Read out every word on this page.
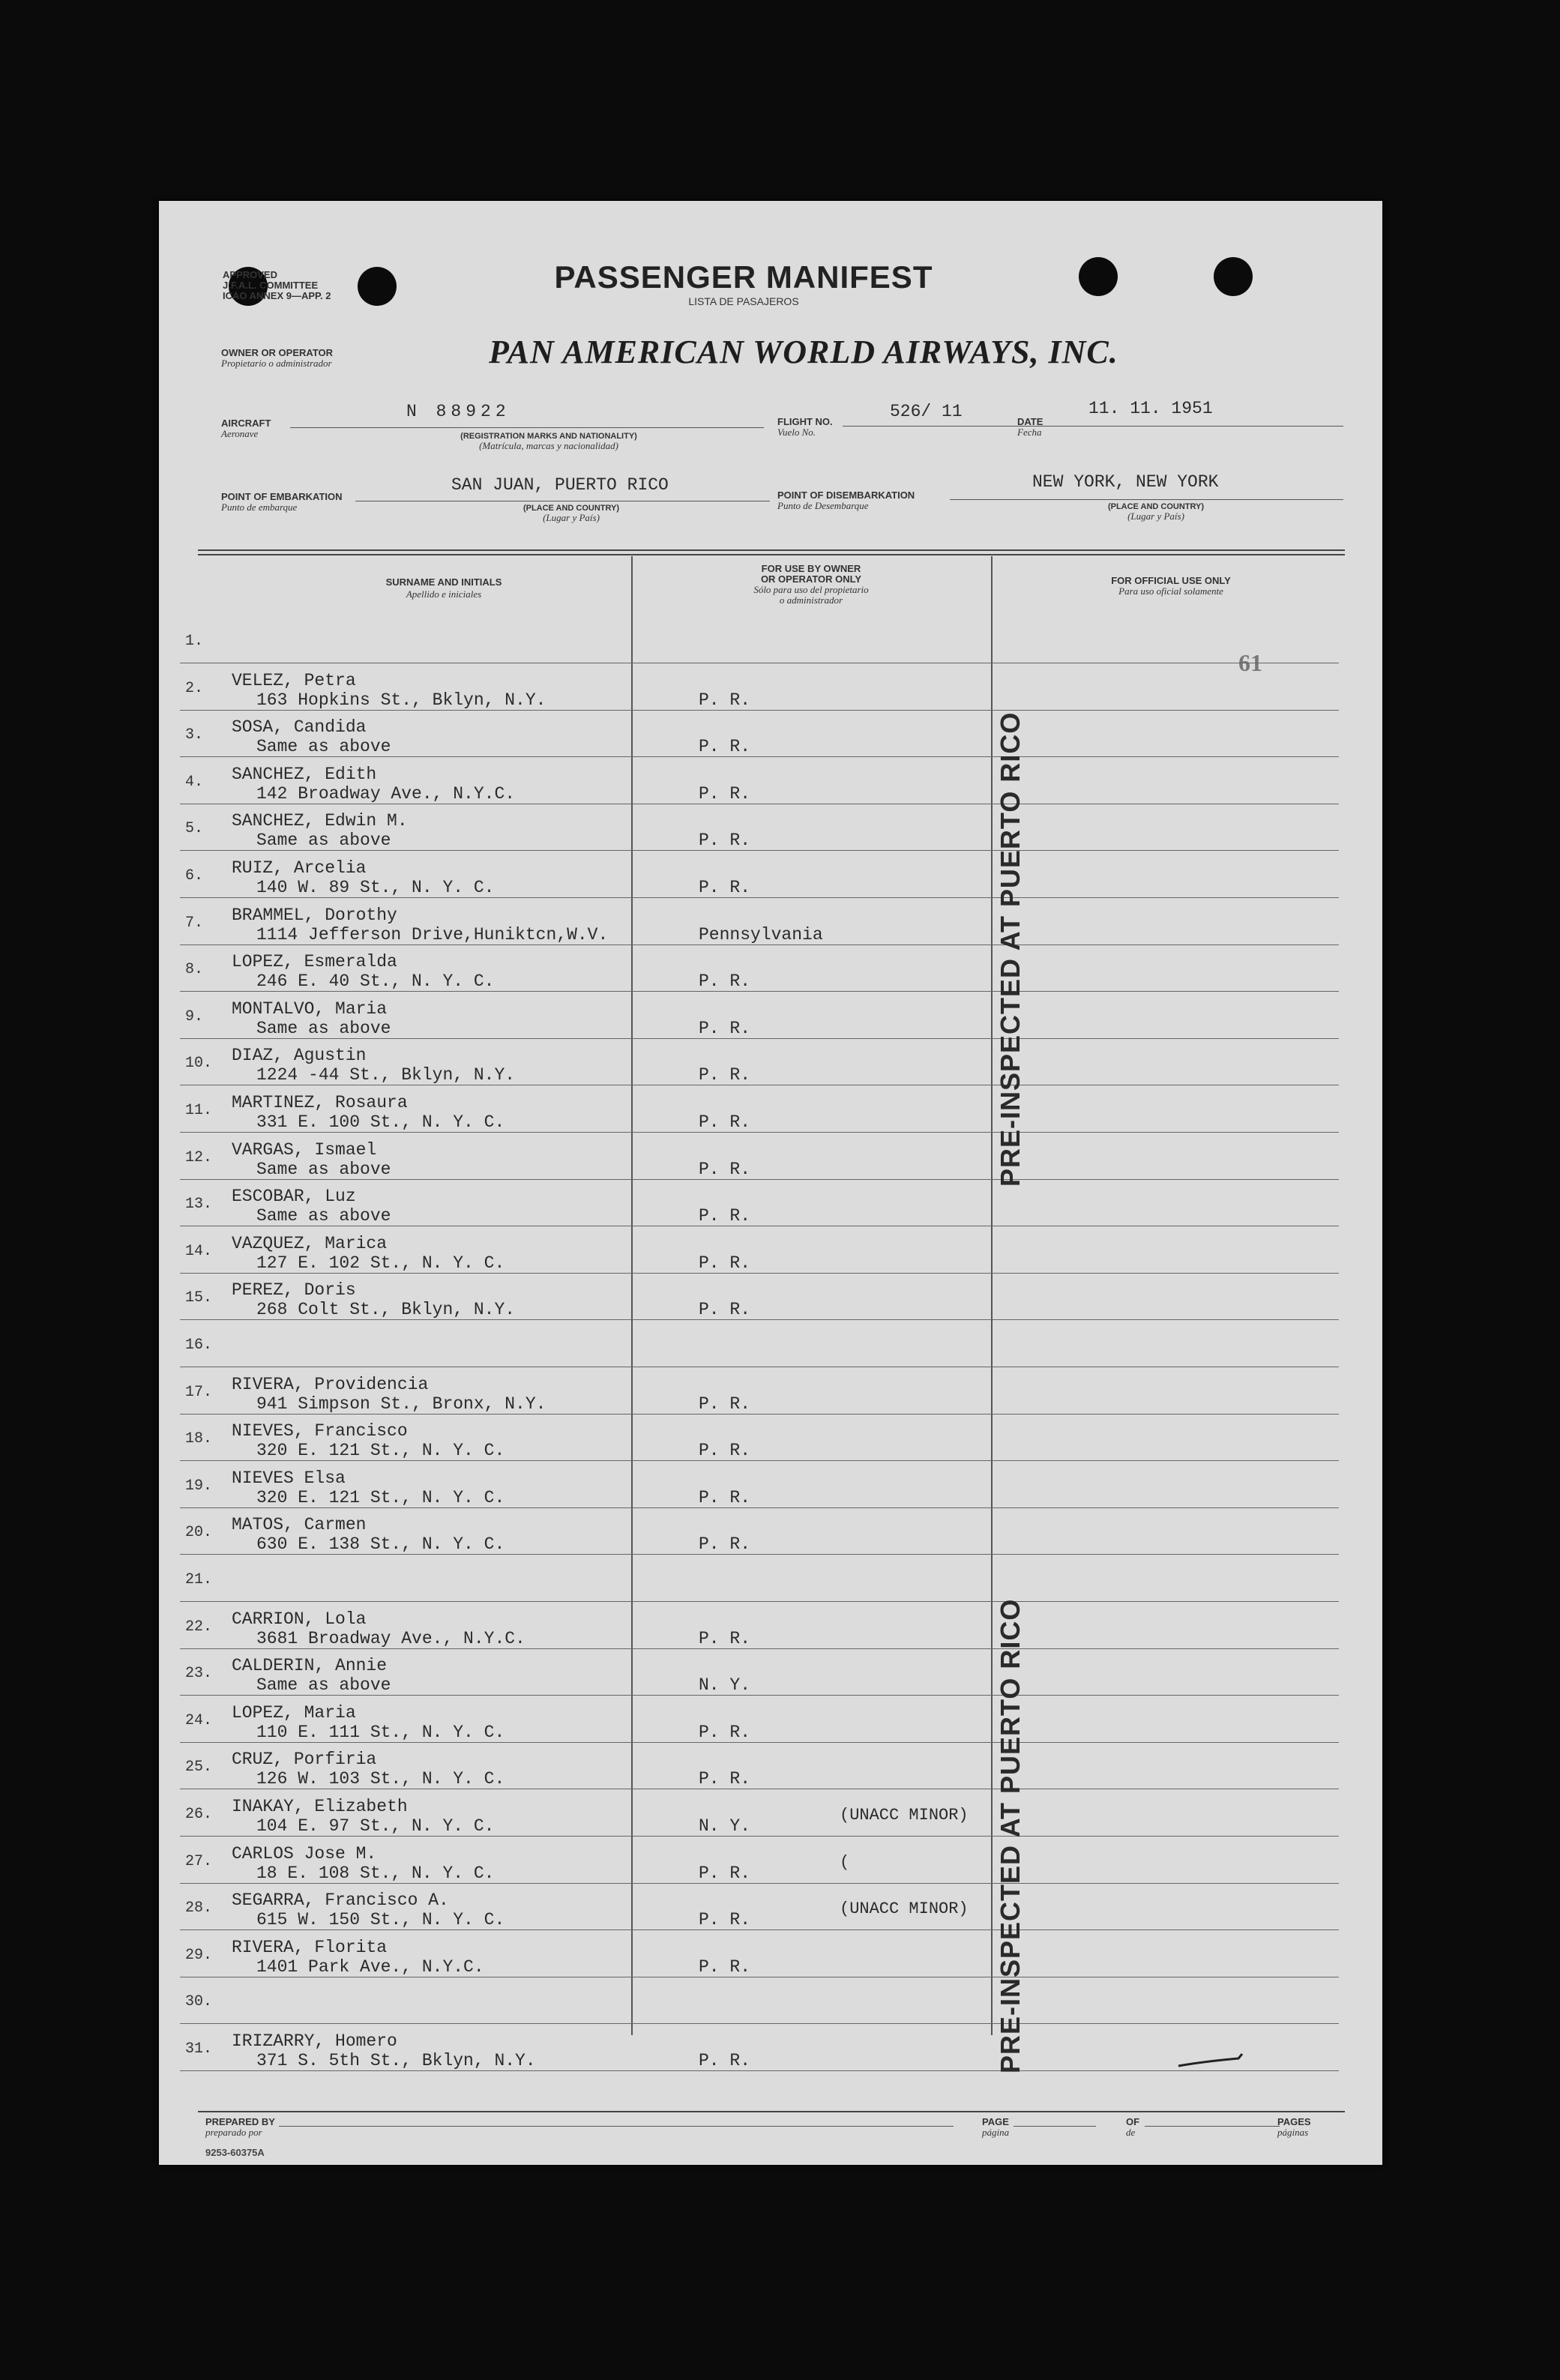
APPROVED
J.F.A.L. COMMITTEE
ICAO ANNEX 9—APP. 2
PASSENGER MANIFEST
LISTA DE PASAJEROS
OWNER OR OPERATOR
Propietario o administrador	PAN AMERICAN WORLD AIRWAYS, INC.
AIRCRAFT
Aeronave
N 88922
(REGISTRATION MARKS AND NATIONALITY)
(Matrícula, marcas y nacionalidad)
FLIGHT NO.
Vuelo No.
526/ 11
DATE
Fecha
11. 11. 1951
POINT OF EMBARKATION
Punto de embarque
SAN JUAN, PUERTO RICO
(PLACE AND COUNTRY)
(Lugar y País)
POINT OF DISEMBARKATION
Punto de Desembarque
NEW YORK, NEW YORK
(PLACE AND COUNTRY)
(Lugar y País)
SURNAME AND INITIALS
Apellido e iniciales
FOR USE BY OWNER
OR OPERATOR ONLY
Sólo para uso del propietario
o administrador
FOR OFFICIAL USE ONLY
Para uso oficial solamente
61
1.
2. VELEZ, Petra
163 Hopkins St., Bklyn, N.Y.	P. R.
3. SOSA, Candida
Same as above	P. R.
4. SANCHEZ, Edith
142 Broadway Ave., N.Y.C.	P. R.
5. SANCHEZ, Edwin M.
Same as above	P. R.
6. RUIZ, Arcelia
140 W. 89 St., N. Y. C.	P. R.
7. BRAMMEL, Dorothy
1114 Jefferson Drive,Huniktcn,W.V.	Pennsylvania
8. LOPEZ, Esmeralda
246 E. 40 St., N. Y. C.	P. R.
9. MONTALVO, Maria
Same as above	P. R.
10. DIAZ, Agustin
1224 -44 St., Bklyn, N.Y.	P. R.
11. MARTINEZ, Rosaura
331 E. 100 St., N. Y. C.	P. R.
12. VARGAS, Ismael
Same as above	P. R.
13. ESCOBAR, Luz
Same as above	P. R.
14. VAZQUEZ, Marica
127 E. 102 St., N. Y. C.	P. R.
15. PEREZ, Doris
268 Colt St., Bklyn, N.Y.	P. R.
16.
17. RIVERA, Providencia
941 Simpson St., Bronx, N.Y.	P. R.
18. NIEVES, Francisco
320 E. 121 St., N. Y. C.	P. R.
19. NIEVES Elsa
320 E. 121 St., N. Y. C.	P. R.
20. MATOS, Carmen
630 E. 138 St., N. Y. C.	P. R.
21.
22. CARRION, Lola
3681 Broadway Ave., N.Y.C.	P. R.
23. CALDERIN, Annie
Same as above	N. Y.
24. LOPEZ, Maria
110 E. 111 St., N. Y. C.	P. R.
25. CRUZ, Porfiria
126 W. 103 St., N. Y. C.	P. R.
26. INAKAY, Elizabeth
104 E. 97 St., N. Y. C.	N. Y.
(UNACC MINOR)
27. CARLOS Jose M.
18 E. 108 St., N. Y. C.	P. R.
(
28. SEGARRA, Francisco A.
615 W. 150 St., N. Y. C.	P. R.
(UNACC MINOR)
29. RIVERA, Florita
1401 Park Ave., N.Y.C.	P. R.
30.
31. IRIZARRY, Homero
371 S. 5th St., Bklyn, N.Y.	P. R.
PRE-INSPECTED AT PUERTO RICO
PRE-INSPECTED AT PUERTO RICO
PREPARED BY
preparado por
PAGE
página
OF
de
PAGES
páginas
9253-60375A
